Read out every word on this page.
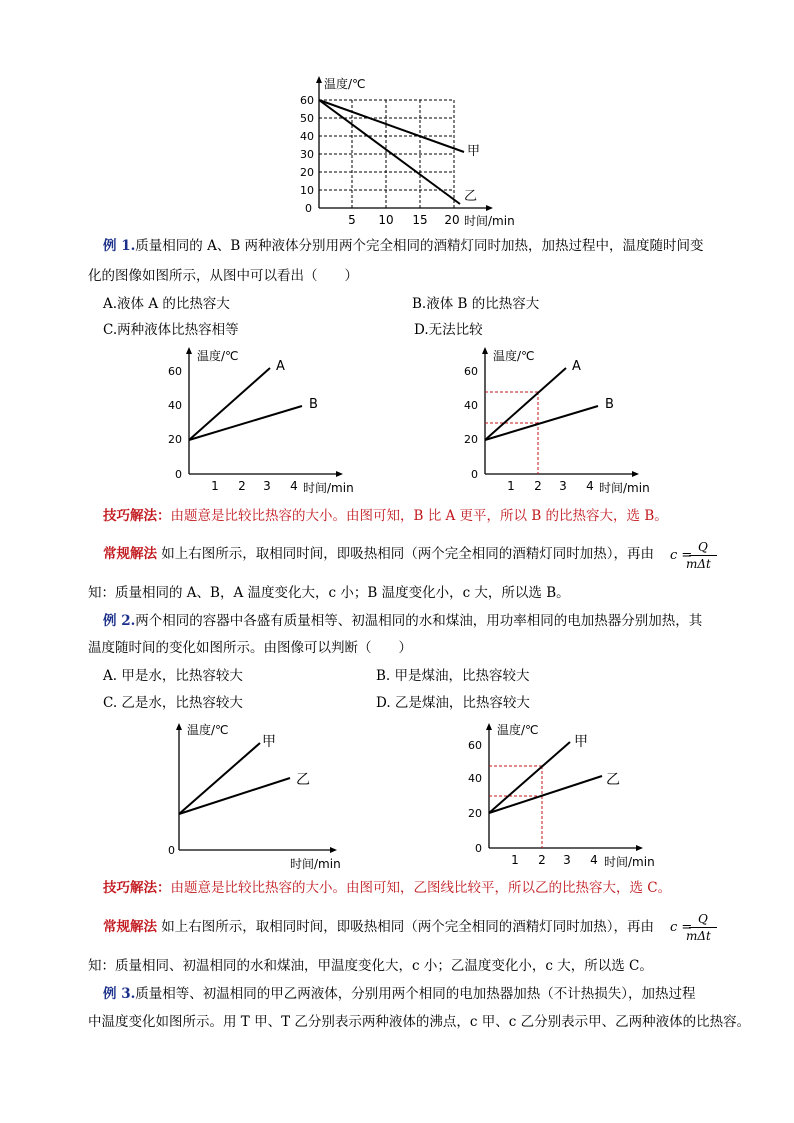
温度/℃
时间/min
60
50
40
30
20
10
0
5 10 15 20
甲
乙
例 1.质量相同的 A、B 两种液体分别用两个完全相同的酒精灯同时加热，加热过程中，温度随时间变
化的图像如图所示，从图中可以看出（　　）
A.液体 A 的比热容大	B.液体 B 的比热容大
C.两种液体比热容相等	D.无法比较
温度/℃
时间/min
60
40
20
0
1 2 3 4
A
B
温度/℃
时间/min
60
40
20
0
1 2 3 4
A
B
技巧解法：由题意是比较比热容的大小。由图可知，B 比 A 更平，所以 B 的比热容大，选 B。
常规解法 如上右图所示，取相同时间，即吸热相同（两个完全相同的酒精灯同时加热），再由 c =
Q
mΔt
知：质量相同的 A、B，A 温度变化大，c 小；B 温度变化小，c 大，所以选 B。
例 2.两个相同的容器中各盛有质量相等、初温相同的水和煤油，用功率相同的电加热器分别加热，其
温度随时间的变化如图所示。由图像可以判断（　　）
A. 甲是水，比热容较大	B. 甲是煤油，比热容较大
C. 乙是水，比热容较大	D. 乙是煤油，比热容较大
温度/℃
时间/min
0
甲
乙
温度/℃
时间/min
60
40
20
0
1 2 3 4
甲
乙
技巧解法：由题意是比较比热容的大小。由图可知，乙图线比较平，所以乙的比热容大，选 C。
常规解法 如上右图所示，取相同时间，即吸热相同（两个完全相同的酒精灯同时加热），再由 c =
Q
mΔt
知：质量相同、初温相同的水和煤油，甲温度变化大，c 小；乙温度变化小，c 大，所以选 C。
例 3.质量相等、初温相同的甲乙两液体，分别用两个相同的电加热器加热（不计热损失），加热过程
中温度变化如图所示。用 T 甲、T 乙分别表示两种液体的沸点，c 甲、c 乙分别表示甲、乙两种液体的比热容。
